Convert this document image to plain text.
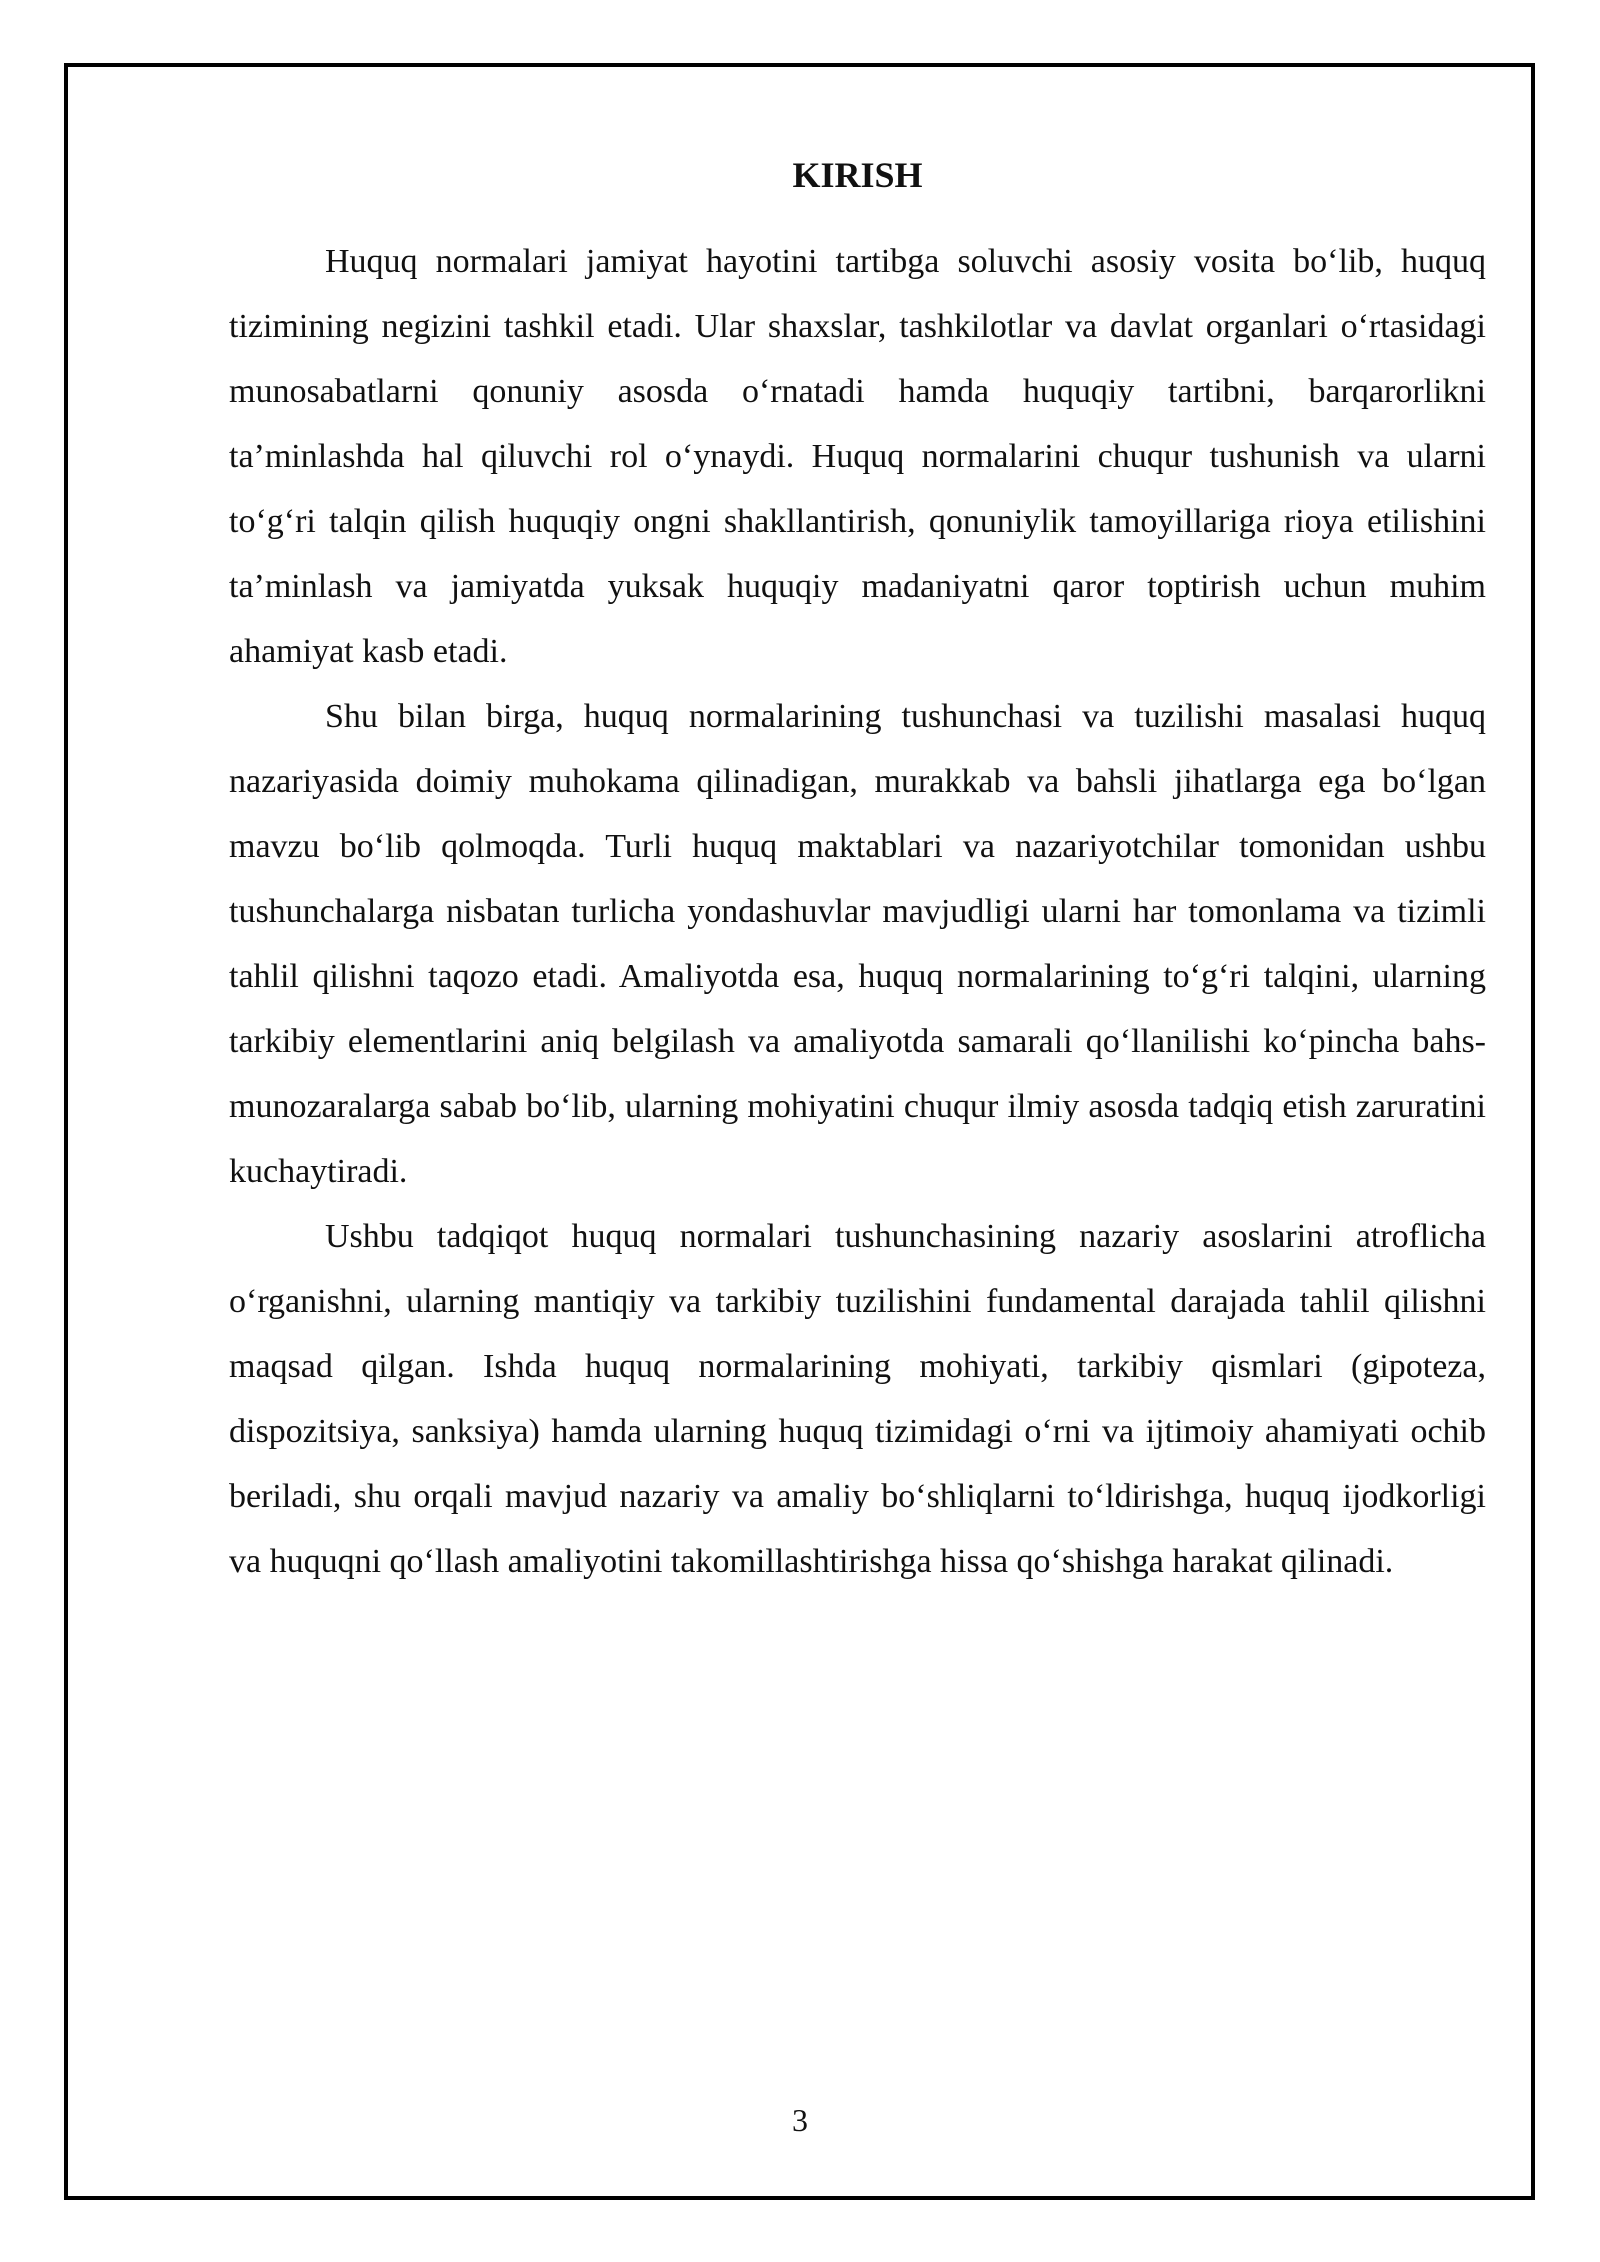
KIRISH

Huquq normalari jamiyat hayotini tartibga soluvchi asosiy vosita bo‘lib, huquq tizimining negizini tashkil etadi. Ular shaxslar, tashkilotlar va davlat organlari o‘rtasidagi munosabatlarni qonuniy asosda o‘rnatadi hamda huquqiy tartibni, barqarorlikni ta’minlashda hal qiluvchi rol o‘ynaydi. Huquq normalarini chuqur tushunish va ularni to‘g‘ri talqin qilish huquqiy ongni shakllantirish, qonuniylik tamoyillariga rioya etilishini ta’minlash va jamiyatda yuksak huquqiy madaniyatni qaror toptirish uchun muhim ahamiyat kasb etadi.

Shu bilan birga, huquq normalarining tushunchasi va tuzilishi masalasi huquq nazariyasida doimiy muhokama qilinadigan, murakkab va bahsli jihatlarga ega bo‘lgan mavzu bo‘lib qolmoqda. Turli huquq maktablari va nazariyotchilar tomonidan ushbu tushunchalarga nisbatan turlicha yondashuvlar mavjudligi ularni har tomonlama va tizimli tahlil qilishni taqozo etadi. Amaliyotda esa, huquq normalarining to‘g‘ri talqini, ularning tarkibiy elementlarini aniq belgilash va amaliyotda samarali qo‘llanilishi ko‘pincha bahs-munozaralarga sabab bo‘lib, ularning mohiyatini chuqur ilmiy asosda tadqiq etish zaruratini kuchaytiradi.

Ushbu tadqiqot huquq normalari tushunchasining nazariy asoslarini atroflicha o‘rganishni, ularning mantiqiy va tarkibiy tuzilishini fundamental darajada tahlil qilishni maqsad qilgan. Ishda huquq normalarining mohiyati, tarkibiy qismlari (gipoteza, dispozitsiya, sanksiya) hamda ularning huquq tizimidagi o‘rni va ijtimoiy ahamiyati ochib beriladi, shu orqali mavjud nazariy va amaliy bo‘shliqlarni to‘ldirishga, huquq ijodkorligi va huquqni qo‘llash amaliyotini takomillashtirishga hissa qo‘shishga harakat qilinadi.

3
